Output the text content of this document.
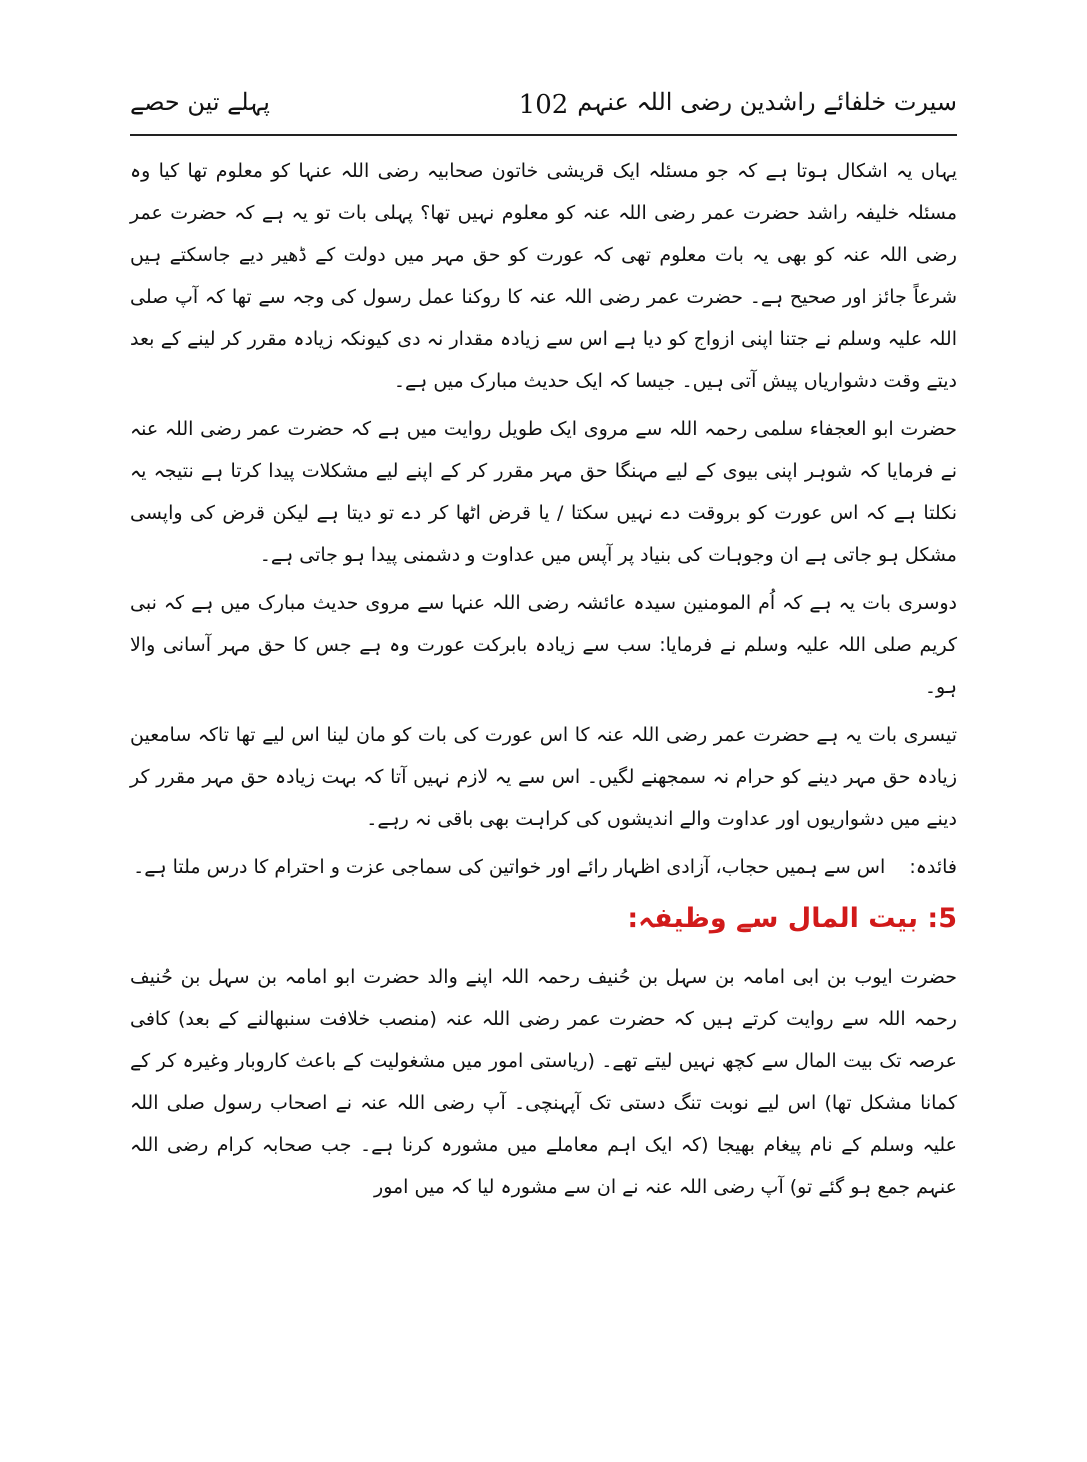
سیرت خلفائے راشدین رضی اللہ عنہم
102
پہلے تین حصے

یہاں یہ اشکال ہوتا ہے کہ جو مسئلہ ایک قریشی خاتون صحابیہ رضی اللہ عنہا کو معلوم تھا کیا وہ مسئلہ خلیفہ راشد حضرت عمر رضی اللہ عنہ کو معلوم نہیں تھا؟ پہلی بات تو یہ ہے کہ حضرت عمر رضی اللہ عنہ کو بھی یہ بات معلوم تھی کہ عورت کو حق مہر میں دولت کے ڈھیر دیے جاسکتے ہیں شرعاً جائز اور صحیح ہے۔ حضرت عمر رضی اللہ عنہ کا روکنا عمل رسول کی وجہ سے تھا کہ آپ صلی اللہ علیہ وسلم نے جتنا اپنی ازواج کو دیا ہے اس سے زیادہ مقدار نہ دی کیونکہ زیادہ مقرر کر لینے کے بعد دیتے وقت دشواریاں پیش آتی ہیں۔ جیسا کہ ایک حدیث مبارک میں ہے۔

حضرت ابو العجفاء سلمی رحمہ اللہ سے مروی ایک طویل روایت میں ہے کہ حضرت عمر رضی اللہ عنہ نے فرمایا کہ شوہر اپنی بیوی کے لیے مہنگا حق مہر مقرر کر کے اپنے لیے مشکلات پیدا کرتا ہے نتیجہ یہ نکلتا ہے کہ اس عورت کو بروقت دے نہیں سکتا / یا قرض اٹھا کر دے تو دیتا ہے لیکن قرض کی واپسی مشکل ہو جاتی ہے ان وجوہات کی بنیاد پر آپس میں عداوت و دشمنی پیدا ہو جاتی ہے۔

دوسری بات یہ ہے کہ اُم المومنین سیدہ عائشہ رضی اللہ عنہا سے مروی حدیث مبارک میں ہے کہ نبی کریم صلی اللہ علیہ وسلم نے فرمایا: سب سے زیادہ بابرکت عورت وہ ہے جس کا حق مہر آسانی والا ہو۔

تیسری بات یہ ہے حضرت عمر رضی اللہ عنہ کا اس عورت کی بات کو مان لینا اس لیے تھا تاکہ سامعین زیادہ حق مہر دینے کو حرام نہ سمجھنے لگیں۔ اس سے یہ لازم نہیں آتا کہ بہت زیادہ حق مہر مقرر کر دینے میں دشواریوں اور عداوت والے اندیشوں کی کراہت بھی باقی نہ رہے۔

فائدہ: اس سے ہمیں حجاب، آزادی اظہار رائے اور خواتین کی سماجی عزت و احترام کا درس ملتا ہے۔

5: بیت المال سے وظیفہ:

حضرت ایوب بن ابی امامہ بن سہل بن حُنیف رحمہ اللہ اپنے والد حضرت ابو امامہ بن سہل بن حُنیف رحمہ اللہ سے روایت کرتے ہیں کہ حضرت عمر رضی اللہ عنہ (منصب خلافت سنبھالنے کے بعد) کافی عرصہ تک بیت المال سے کچھ نہیں لیتے تھے۔ (ریاستی امور میں مشغولیت کے باعث کاروبار وغیرہ کر کے کمانا مشکل تھا) اس لیے نوبت تنگ دستی تک آپہنچی۔ آپ رضی اللہ عنہ نے اصحاب رسول صلی اللہ علیہ وسلم کے نام پیغام بھیجا (کہ ایک اہم معاملے میں مشورہ کرنا ہے۔ جب صحابہ کرام رضی اللہ عنہم جمع ہو گئے تو) آپ رضی اللہ عنہ نے ان سے مشورہ لیا کہ میں امور
